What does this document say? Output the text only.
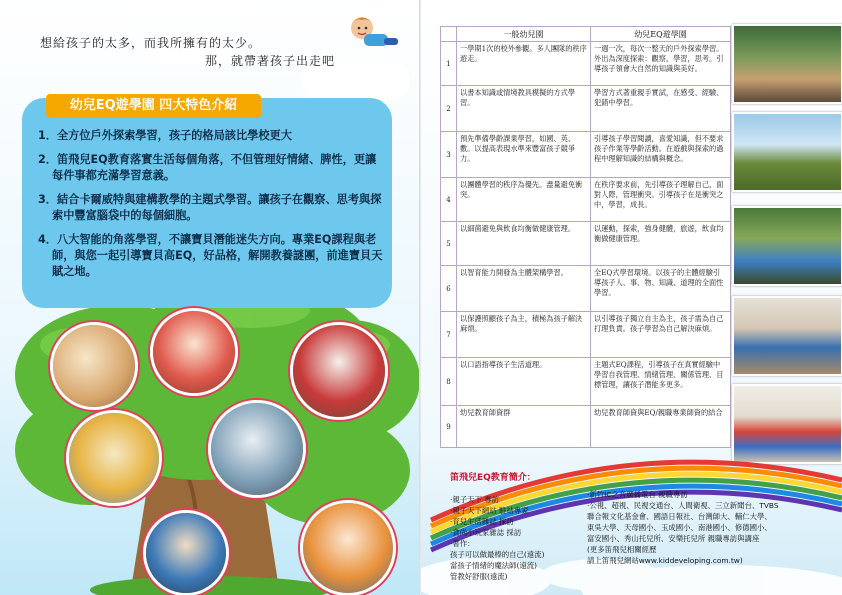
想給孩子的太多，而我所擁有的太少。
那，就帶著孩子出走吧
幼兒EQ遊學園 四大特色介紹
1．全方位戶外探索學習，孩子的格局該比學校更大
2．笛飛兒EQ教育落實生活每個角落，不但管理好情緒、脾性，更讓每件事都充滿學習意義。
3．結合卡爾威特與建構教學的主題式學習。讓孩子在觀察、思考與探索中豐富腦袋中的每個細胞。
4．八大智能的角落學習，不讓寶貝潛能迷失方向。專業EQ課程與老師，與您一起引導寶貝高EQ，好品格，解開教養謎團，前進寶貝天賦之地。
	一般幼兒園	幼兒EQ遊學園
1	一學期1次的校外參觀。多人團隊的秩序遊走。	一週一次，每次一整天的戶外探索學習。外出為深度探索：觀察，學習，思考。引導孩子領會大自然的知識與美好。
2	以書本知識或情境教具模擬的方式學習。	學習方式著重親手實試，在感受、經驗、犯錯中學習。
3	預先準備學齡課業學習，如國、英、數。以提高表現水準來豐富孩子競爭力。	引導孩子學習閱讀，喜愛知識，但不要求孩子作業等學齡活動。在遊戲與探索的過程中理解知識的結構與概念。
4	以團體學習的秩序為優先。盡量避免衝突。	在秩序要求前，先引導孩子理解自己，面對人際，管理衝突。引導孩子在是衝突之中，學習，成長。
5	以細菌避免與飲食均衡做健康管理。	以運動，探索，強身健體，旅遊，飲食均衡做健康管理。
6	以智育能力開發為主體架構學習。	全EQ式學習環境。以孩子的主體經驗引導孩子人、事、物、知識、道理的全面性學習。
7	以保護照顧孩子為主，積極為孩子解決麻煩。	以引導孩子獨立自主為主，孩子需為自己打理負責。孩子學習為自己解決麻煩。
8	以口語指導孩子生活道理。	主題式EQ課程，引導孩子在真實經驗中學習自我管理、情緒管理、關係管理、目標管理，讓孩子潛能多更多。
9	幼兒教育師資群	幼兒教育師資與EQ/親職專業師資的結合
笛飛兒EQ教育簡介：
‧親子天下 專訪
‧親子天下網站 駐站專家
‧育兒生活雜誌 採訪
‧貪尚小玩家雜誌 採訪
‧著作：
孩子可以做最棒的自己(遠流)
當孩子情緒的魔法師(遠流)
管教好舒服(遠流)
‧新竹IC之音廣播電台 親職專訪
‧公視、超視、民視交通台、人間衛視、三立新聞台、TVBS
聯合報文化基金會、國語日報社、台灣師大、輔仁大學、
東吳大學、天母國小、玉成國小、南港國小、修德國小、
富安國小、秀山托兒所、安樂托兒所 親職專訪與講座
(更多笛飛兒相關經歷
請上笛飛兒網站www.kiddeveloping.com.tw)
